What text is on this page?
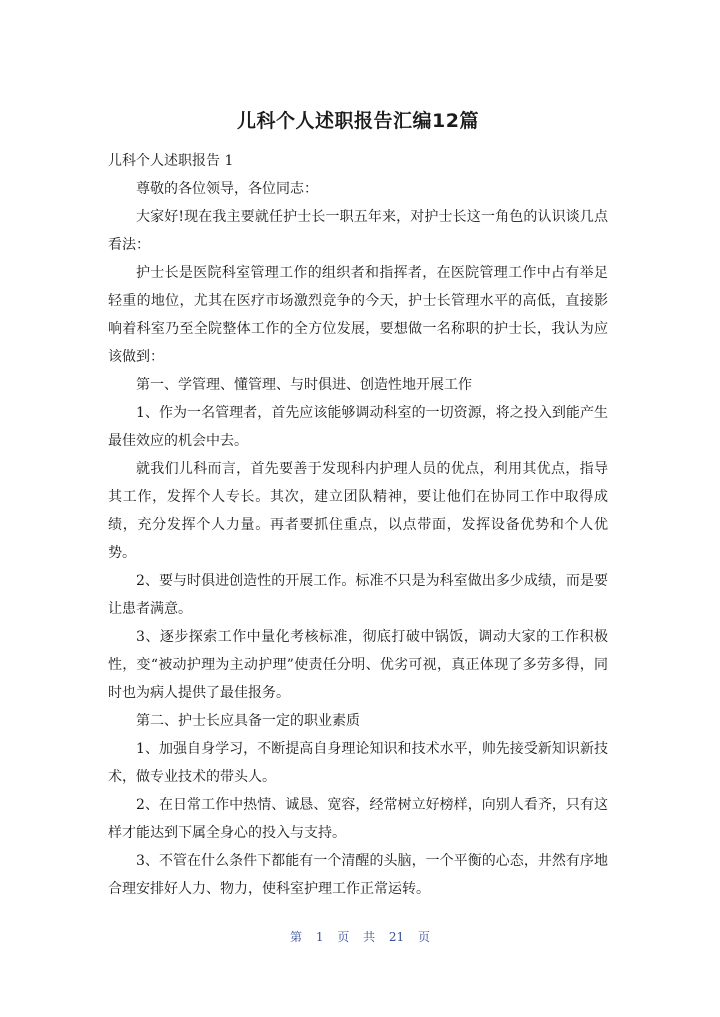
儿科个人述职报告汇编12篇

儿科个人述职报告 1

尊敬的各位领导，各位同志：

大家好!现在我主要就任护士长一职五年来，对护士长这一角色的认识谈几点看法：

护士长是医院科室管理工作的组织者和指挥者，在医院管理工作中占有举足轻重的地位，尤其在医疗市场激烈竞争的今天，护士长管理水平的高低，直接影响着科室乃至全院整体工作的全方位发展，要想做一名称职的护士长，我认为应该做到：

第一、学管理、懂管理、与时俱进、创造性地开展工作

1、作为一名管理者，首先应该能够调动科室的一切资源，将之投入到能产生最佳效应的机会中去。

就我们儿科而言，首先要善于发现科内护理人员的优点，利用其优点，指导其工作，发挥个人专长。其次，建立团队精神，要让他们在协同工作中取得成绩，充分发挥个人力量。再者要抓住重点，以点带面，发挥设备优势和个人优势。

2、要与时俱进创造性的开展工作。标准不只是为科室做出多少成绩，而是要让患者满意。

3、逐步探索工作中量化考核标准，彻底打破中锅饭，调动大家的工作积极性，变“被动护理为主动护理”使责任分明、优劣可视，真正体现了多劳多得，同时也为病人提供了最佳报务。

第二、护士长应具备一定的职业素质

1、加强自身学习，不断提高自身理论知识和技术水平，帅先接受新知识新技术，做专业技术的带头人。

2、在日常工作中热情、诚恳、宽容，经常树立好榜样，向别人看齐，只有这样才能达到下属全身心的投入与支持。

3、不管在什么条件下都能有一个清醒的头脑，一个平衡的心态，井然有序地合理安排好人力、物力，使科室护理工作正常运转。

第 1 页 共 21 页
